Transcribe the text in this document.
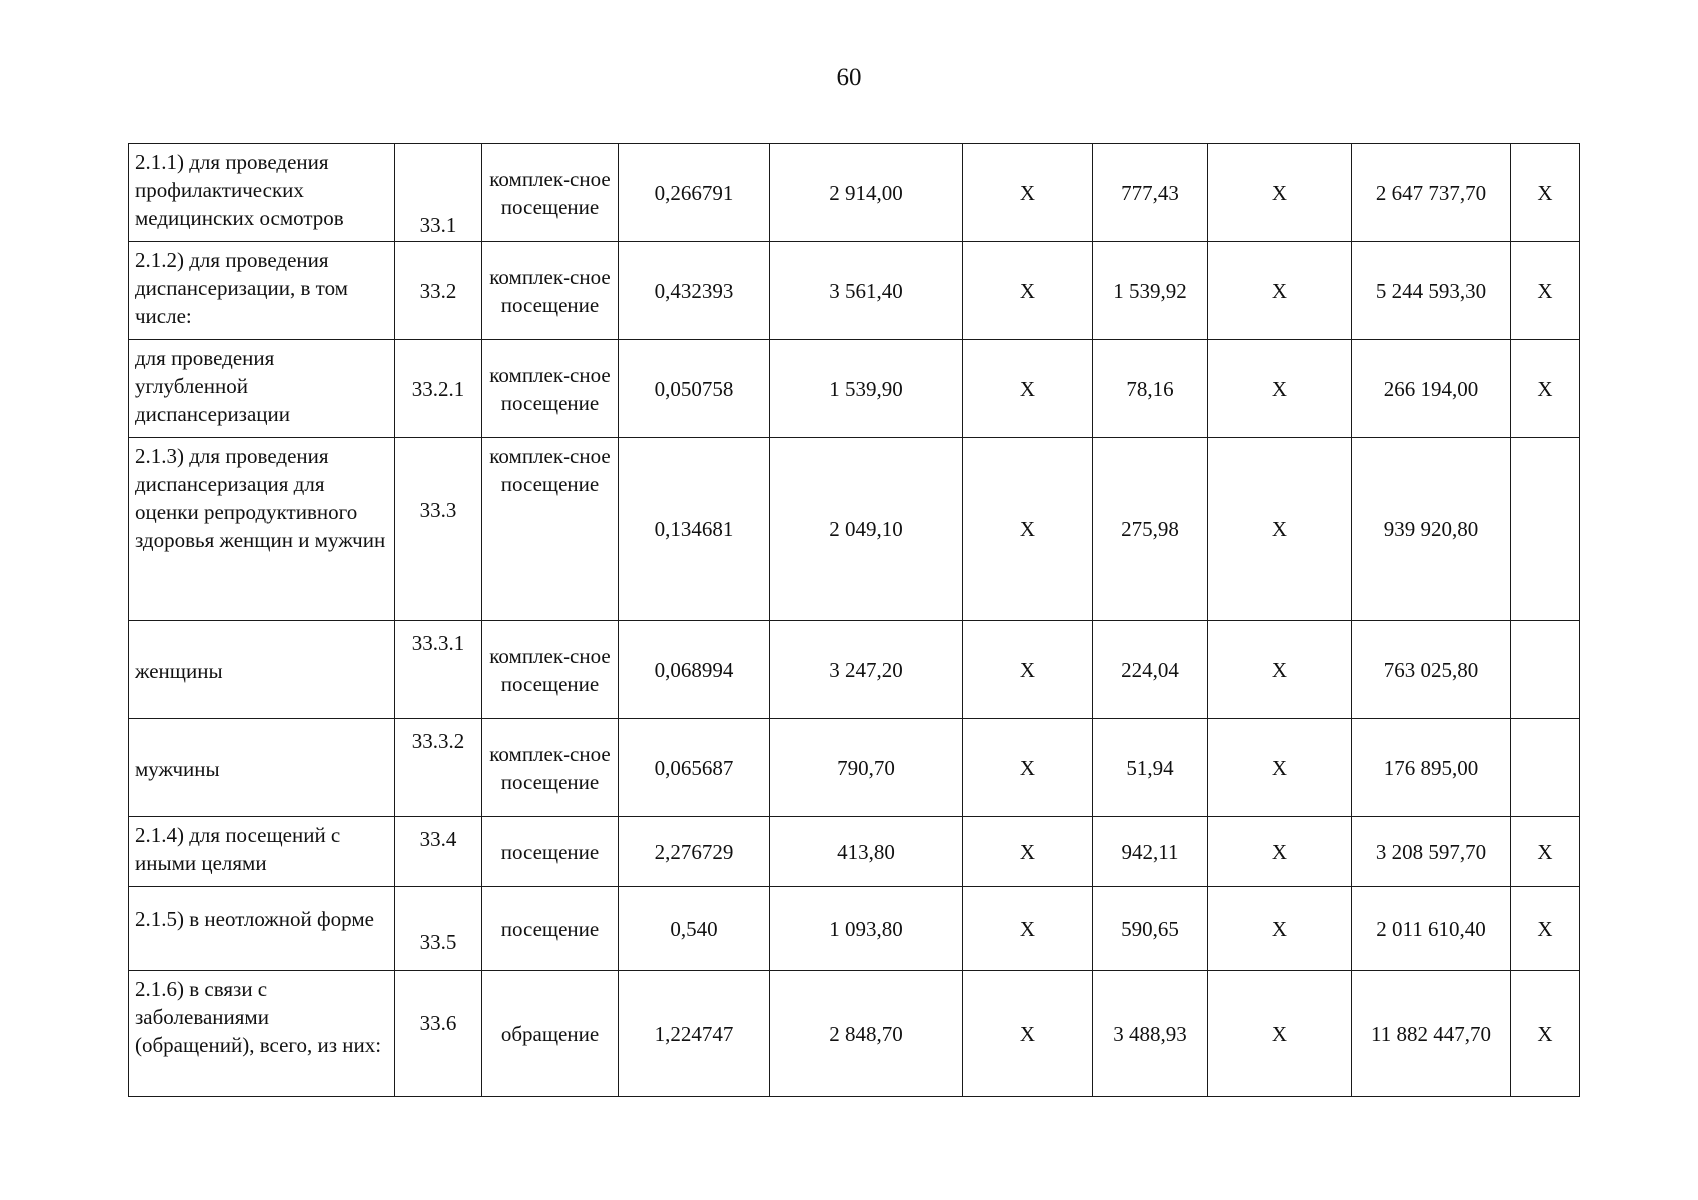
60
2.1.1) для проведения профилактических медицинских осмотров	33.1	комплек-сное посещение	0,266791	2 914,00	Х	777,43	Х	2 647 737,70	Х
2.1.2) для проведения диспансеризации, в том числе:	33.2	комплек-сное посещение	0,432393	3 561,40	Х	1 539,92	Х	5 244 593,30	Х
для проведения углубленной диспансеризации	33.2.1	комплек-сное посещение	0,050758	1 539,90	Х	78,16	Х	266 194,00	Х
2.1.3) для проведения диспансеризация для оценки репродуктивного здоровья женщин и мужчин	33.3	комплек-сное посещение	0,134681	2 049,10	Х	275,98	Х	939 920,80	
женщины	33.3.1	комплек-сное посещение	0,068994	3 247,20	Х	224,04	Х	763 025,80	
мужчины	33.3.2	комплек-сное посещение	0,065687	790,70	Х	51,94	Х	176 895,00	
2.1.4) для посещений с иными целями	33.4	посещение	2,276729	413,80	Х	942,11	Х	3 208 597,70	Х
2.1.5) в неотложной форме	33.5	посещение	0,540	1 093,80	Х	590,65	Х	2 011 610,40	Х
2.1.6) в связи с заболеваниями (обращений), всего, из них:	33.6	обращение	1,224747	2 848,70	Х	3 488,93	Х	11 882 447,70	Х
